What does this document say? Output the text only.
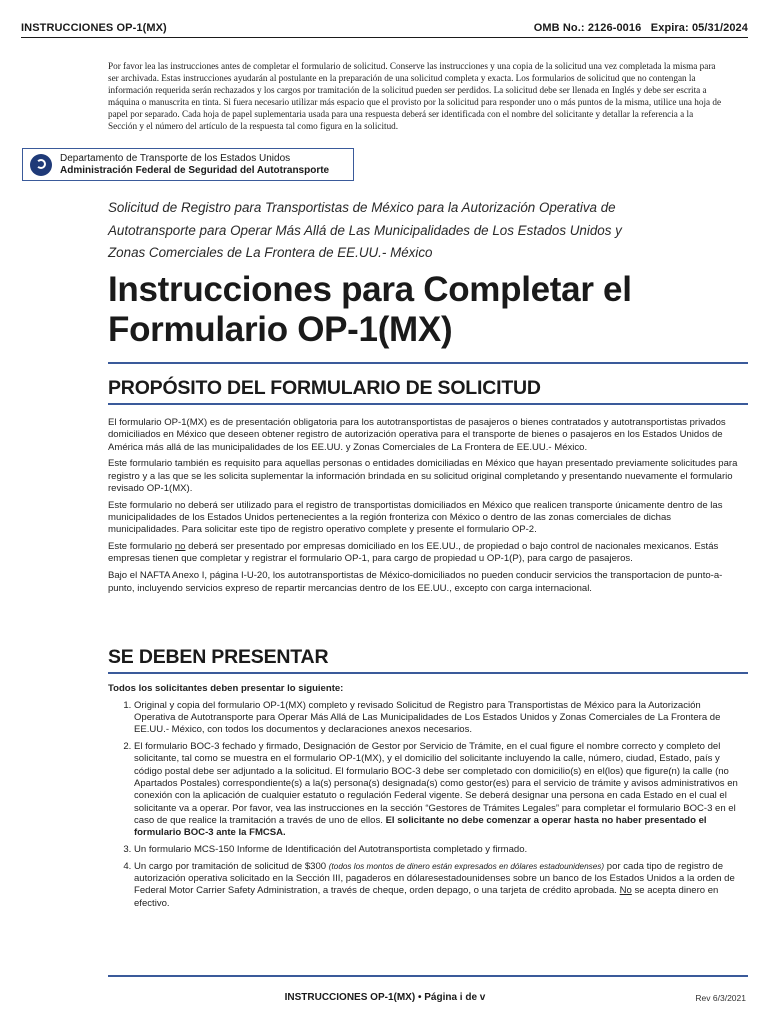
INSTRUCCIONES OP-1(MX)	OMB No.: 2126-0016   Expira: 05/31/2024

Por favor lea las instrucciones antes de completar el formulario de solicitud. Conserve las instrucciones y una copia de la solicitud una vez completada la misma para ser archivada. Estas instrucciones ayudarán al postulante en la preparación de una solicitud completa y exacta. Los formularios de solicitud que no contengan la información requerida serán rechazados y los cargos por tramitación de la solicitud pueden ser perdidos. La solicitud debe ser llenada en Inglés y debe ser escrita a máquina o manuscrita en tinta. Si fuera necesario utilizar más espacio que el provisto por la solicitud para responder uno o más puntos de la misma, utilice una hoja de papel por separado. Cada hoja de papel suplementaria usada para una respuesta deberá ser identificada con el nombre del solicitante y detallar la referencia a la Sección y el número del artículo de la respuesta tal como figura en la solicitud.

Departamento de Transporte de los Estados Unidos
Administración Federal de Seguridad del Autotransporte

Solicitud de Registro para Transportistas de México para la Autorización Operativa de Autotransporte para Operar Más Allá de Las Municipalidades de Los Estados Unidos y Zonas Comerciales de La Frontera de EE.UU.- México

Instrucciones para Completar el Formulario OP-1(MX)
PROPÓSITO DEL FORMULARIO DE SOLICITUD

El formulario OP-1(MX) es de presentación obligatoria para los autotransportistas de pasajeros o bienes contratados y autotransportistas privados domiciliados en México que deseen obtener registro de autorización operativa para el transporte de bienes o pasajeros en los Estados Unidos de América más allá de las municipalidades de los EE.UU. y Zonas Comerciales de La Frontera de EE.UU.- México.

Este formulario también es requisito para aquellas personas o entidades domiciliadas en México que hayan presentado previamente solicitudes para registro y a las que se les solicita suplementar la información brindada en su solicitud original completando y presentando nuevamente el formulario revisado OP-1(MX).

Este formulario no deberá ser utilizado para el registro de transportistas domiciliados en México que realicen transporte únicamente dentro de las municipalidades de los Estados Unidos pertenecientes a la región fronteriza con México o dentro de las zonas comerciales de dichas municipalidades. Para solicitar este tipo de registro operativo complete y presente el formulario OP-2.

Este formulario no deberá ser presentado por empresas domiciliado en los EE.UU., de propiedad o bajo control de nacionales mexicanos. Estás empresas tienen que completar y registrar el formulario OP-1, para cargo de propiedad u OP-1(P), para cargo de pasajeros.

Bajo el NAFTA Anexo I, página I-U-20, los autotransportistas de México-domiciliados no pueden conducir servicios the transportacion de punto-a-punto, incluyendo servicios expreso de repartir mercancias dentro de los EE.UU., excepto con carga internacional.

SE DEBEN PRESENTAR

Todos los solicitantes deben presentar lo siguiente:

1. Original y copia del formulario OP-1(MX) completo y revisado Solicitud de Registro para Transportistas de México para la Autorización Operativa de Autotransporte para Operar Más Allá de Las Municipalidades de Los Estados Unidos y Zonas Comerciales de La Frontera de EE.UU.- México, con todos los documentos y declaraciones anexos necesarios.
2. El formulario BOC-3 fechado y firmado, Designación de Gestor por Servicio de Trámite, en el cual figure el nombre correcto y completo del solicitante, tal como se muestra en el formulario OP-1(MX), y el domicilio del solicitante incluyendo la calle, número, ciudad, Estado, país y código postal debe ser adjuntado a la solicitud. El formulario BOC-3 debe ser completado con domicilio(s) en el(los) que figure(n) la calle (no Apartados Postales) correspondiente(s) a la(s) persona(s) designada(s) como gestor(es) para el servicio de trámite y avisos administrativos en conexión con la aplicación de cualquier estatuto o regulación Federal vigente. Se deberá designar una persona en cada Estado en el cual el solicitante va a operar. Por favor, vea las instrucciones en la sección “Gestores de Trámites Legales” para completar el formulario BOC-3 en el caso de que realice la tramitación a través de uno de ellos. El solicitante no debe comenzar a operar hasta no haber presentado el formulario BOC-3 ante la FMCSA.
3. Un formulario MCS-150 Informe de Identificación del Autotransportista completado y firmado.
4. Un cargo por tramitación de solicitud de $300 (todos los montos de dinero están expresados en dólares estadounidenses) por cada tipo de registro de autorización operativa solicitado en la Sección III, pagaderos en dólaresestadounidenses sobre un banco de los Estados Unidos a la orden de Federal Motor Carrier Safety Administration, a través de cheque, orden depago, o una tarjeta de crédito aprobada. No se acepta dinero en efectivo.
INSTRUCCIONES OP-1(MX) • Página i de v	Rev 6/3/2021
